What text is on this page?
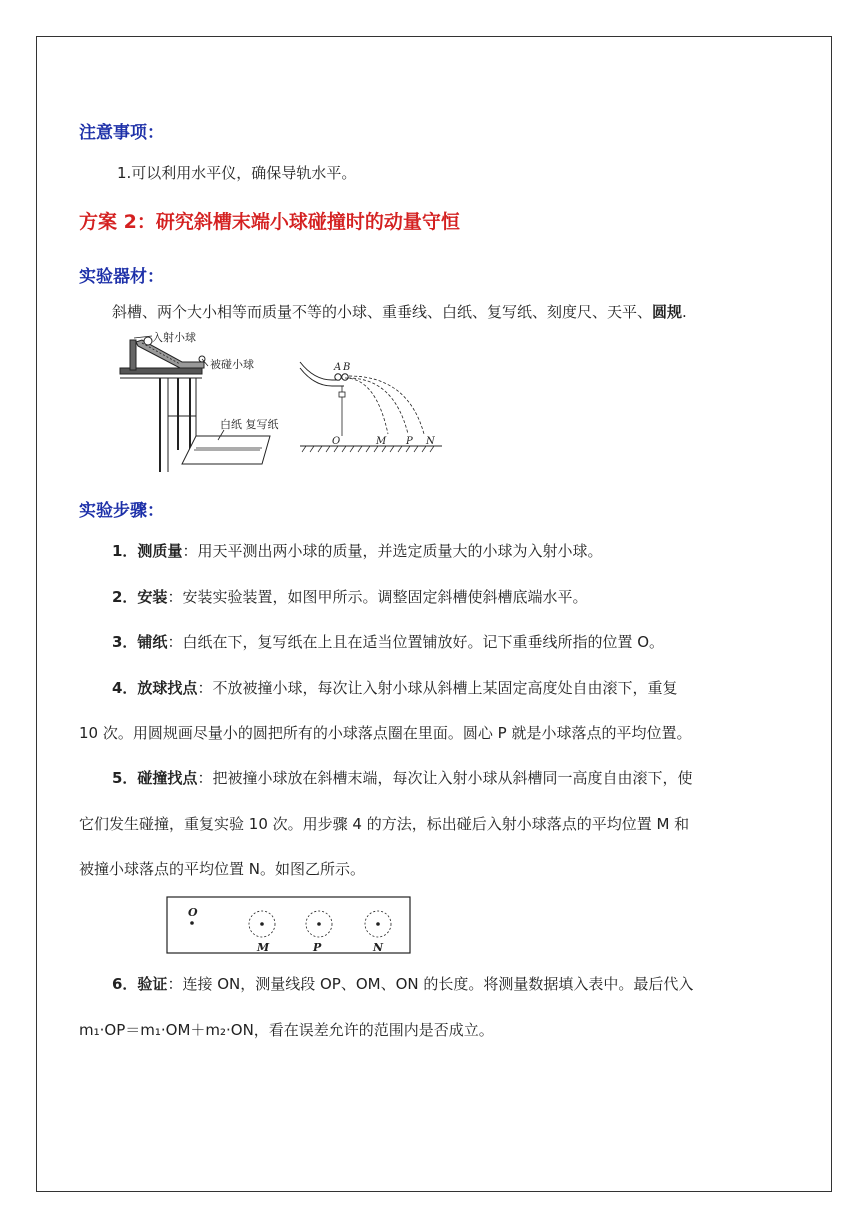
注意事项：
1.可以利用水平仪，确保导轨水平。
方案 2：研究斜槽末端小球碰撞时的动量守恒
实验器材：
斜槽、两个大小相等而质量不等的小球、重垂线、白纸、复写纸、刻度尺、天平、圆规.
入射小球
被碰小球
白纸 复写纸
A B
O	M P N
实验步骤：
1．测质量：用天平测出两小球的质量，并选定质量大的小球为入射小球。
2．安装：安装实验装置，如图甲所示。调整固定斜槽使斜槽底端水平。
3．铺纸：白纸在下，复写纸在上且在适当位置铺放好。记下重垂线所指的位置 O。
4．放球找点：不放被撞小球，每次让入射小球从斜槽上某固定高度处自由滚下，重复
10 次。用圆规画尽量小的圆把所有的小球落点圈在里面。圆心 P 就是小球落点的平均位置。
5．碰撞找点：把被撞小球放在斜槽末端，每次让入射小球从斜槽同一高度自由滚下，使
它们发生碰撞，重复实验 10 次。用步骤 4 的方法，标出碰后入射小球落点的平均位置 M 和
被撞小球落点的平均位置 N。如图乙所示。
O
M	P	N
6．验证：连接 ON，测量线段 OP、OM、ON 的长度。将测量数据填入表中。最后代入
m₁·OP＝m₁·OM＋m₂·ON，看在误差允许的范围内是否成立。
